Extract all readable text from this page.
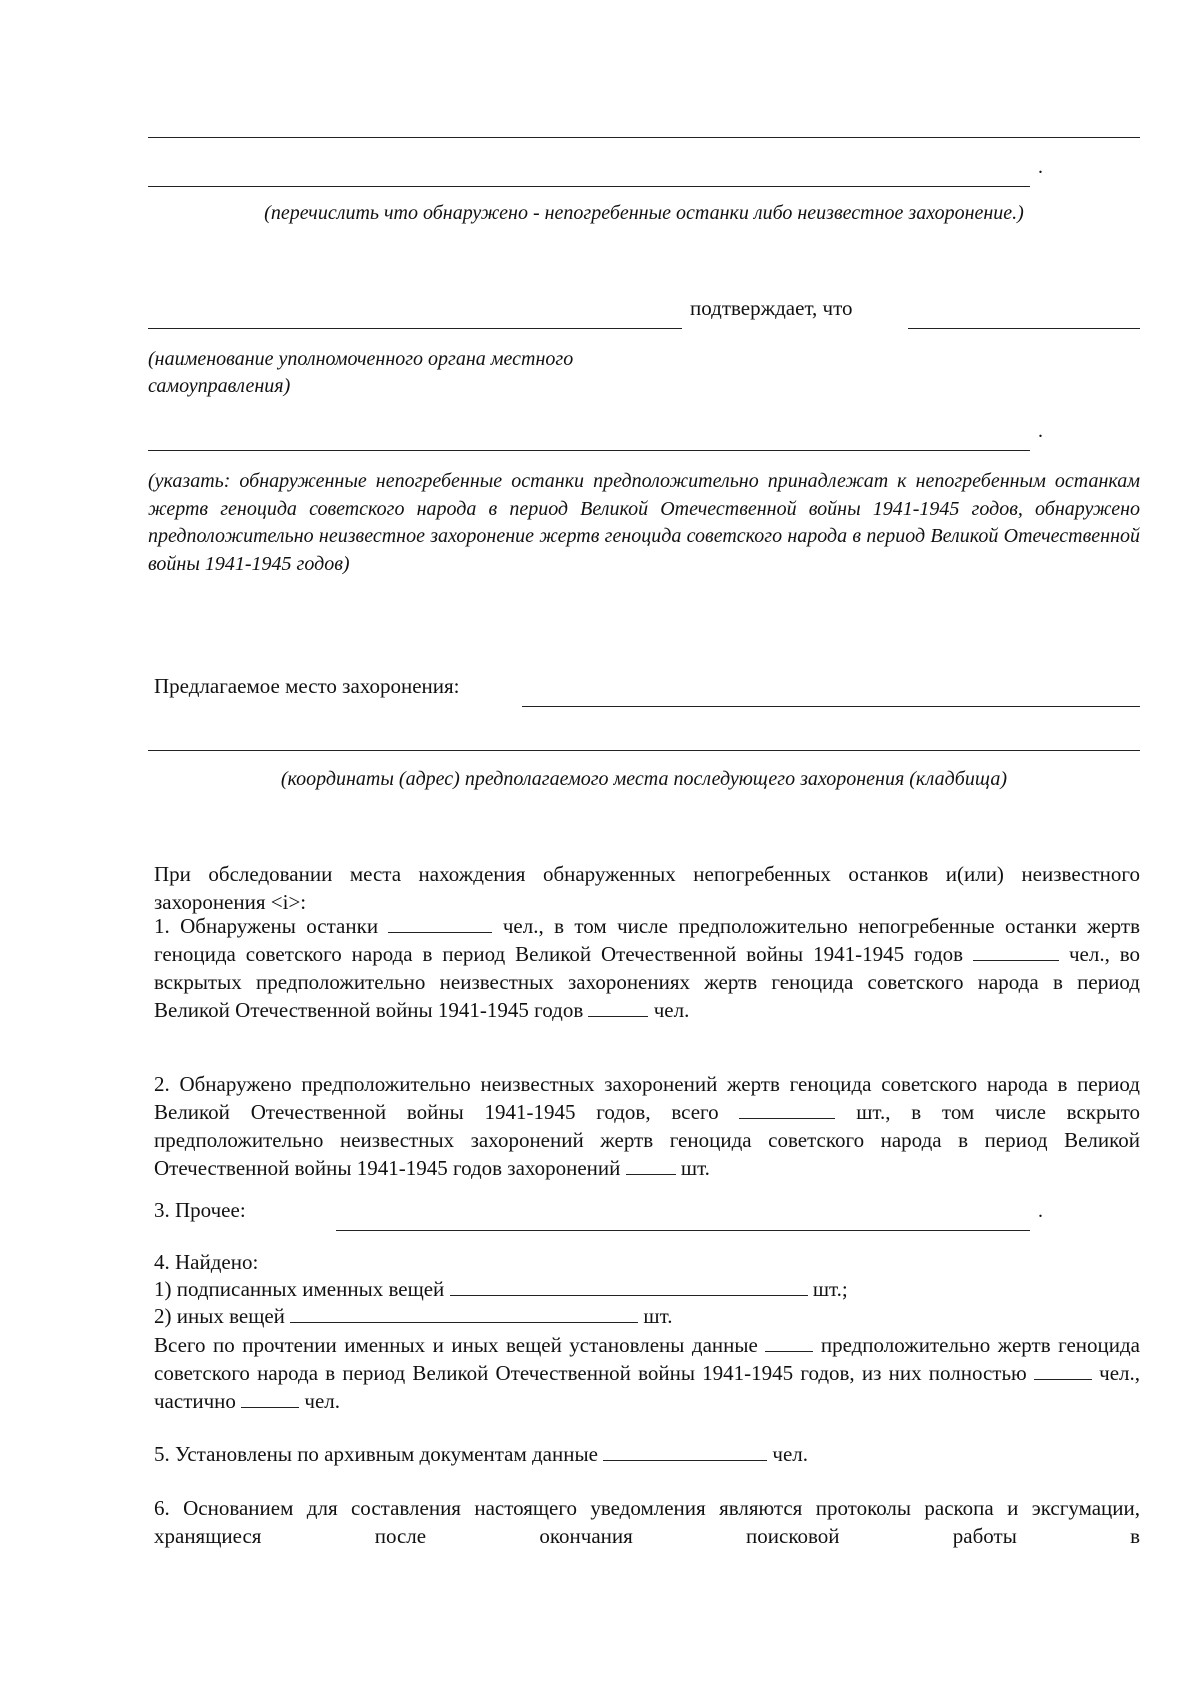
.
(перечислить что обнаружено - непогребенные останки либо неизвестное захоронение.)
подтверждает, что
(наименование уполномоченного органа местного самоуправления)
.
(указать: обнаруженные непогребенные останки предположительно принадлежат к непогребенным останкам жертв геноцида советского народа в период Великой Отечественной войны 1941-1945 годов, обнаружено предположительно неизвестное захоронение жертв геноцида советского народа в период Великой Отечественной войны 1941-1945 годов)
Предлагаемое место захоронения:
(координаты (адрес) предполагаемого места последующего захоронения (кладбища)
При обследовании места нахождения обнаруженных непогребенных останков и(или) неизвестного захоронения <i>:
1. Обнаружены останки	чел., в том числе предположительно непогребенные останки жертв геноцида советского народа в период Великой Отечественной войны 1941-1945 годов	чел., во вскрытых предположительно неизвестных захоронениях жертв геноцида советского народа в период Великой Отечественной войны 1941-1945 годов	чел.
2. Обнаружено предположительно неизвестных захоронений жертв геноцида советского народа в период Великой Отечественной войны 1941-1945 годов, всего	шт., в том числе вскрыто предположительно неизвестных захоронений жертв геноцида советского народа в период Великой Отечественной войны 1941-1945 годов захоронений	шт.
3. Прочее:	.
4. Найдено:
1) подписанных именных вещей	шт.;
2) иных вещей	шт.
Всего по прочтении именных и иных вещей установлены данные	предположительно жертв геноцида советского народа в период Великой Отечественной войны 1941-1945 годов, из них полностью	чел., частично	чел.
5. Установлены по архивным документам данные	чел.
6. Основанием для составления настоящего уведомления являются протоколы раскопа и эксгумации, хранящиеся после окончания поисковой работы в
